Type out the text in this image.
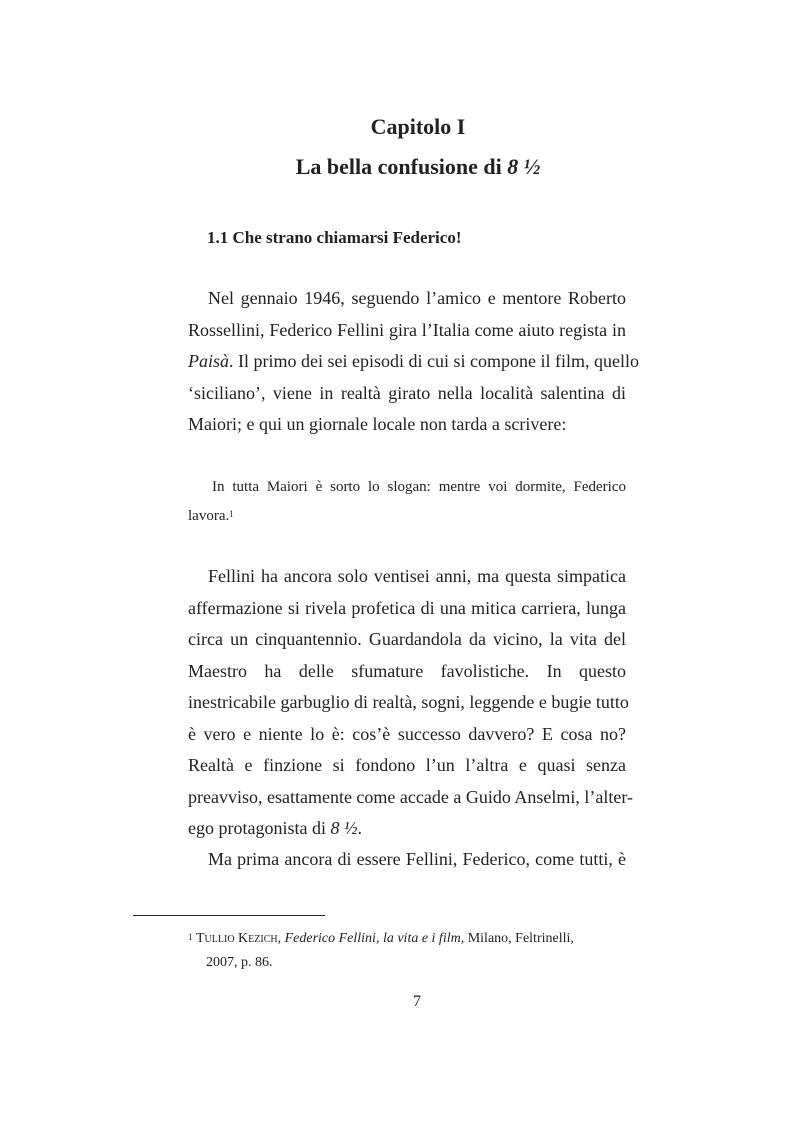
Capitolo I
La bella confusione di 8 ½
1.1 Che strano chiamarsi Federico!
Nel gennaio 1946, seguendo l’amico e mentore Roberto
Rossellini, Federico Fellini gira l’Italia come aiuto regista in
Paisà. Il primo dei sei episodi di cui si compone il film, quello
‘siciliano’, viene in realtà girato nella località salentina di
Maiori; e qui un giornale locale non tarda a scrivere:
In tutta Maiori è sorto lo slogan: mentre voi dormite, Federico
lavora.$^1$
Fellini ha ancora solo ventisei anni, ma questa simpatica
affermazione si rivela profetica di una mitica carriera, lunga
circa un cinquantennio. Guardandola da vicino, la vita del
Maestro ha delle sfumature favolistiche. In questo
inestricabile garbuglio di realtà, sogni, leggende e bugie tutto
è vero e niente lo è: cos’è successo davvero? E cosa no?
Realtà e finzione si fondono l’un l’altra e quasi senza
preavviso, esattamente come accade a Guido Anselmi, l’alter-
ego protagonista di 8 ½.
Ma prima ancora di essere Fellini, Federico, come tutti, è
$^1$ Tullio Kezich, Federico Fellini, la vita e i film, Milano, Feltrinelli,
2007, p. 86.
7
